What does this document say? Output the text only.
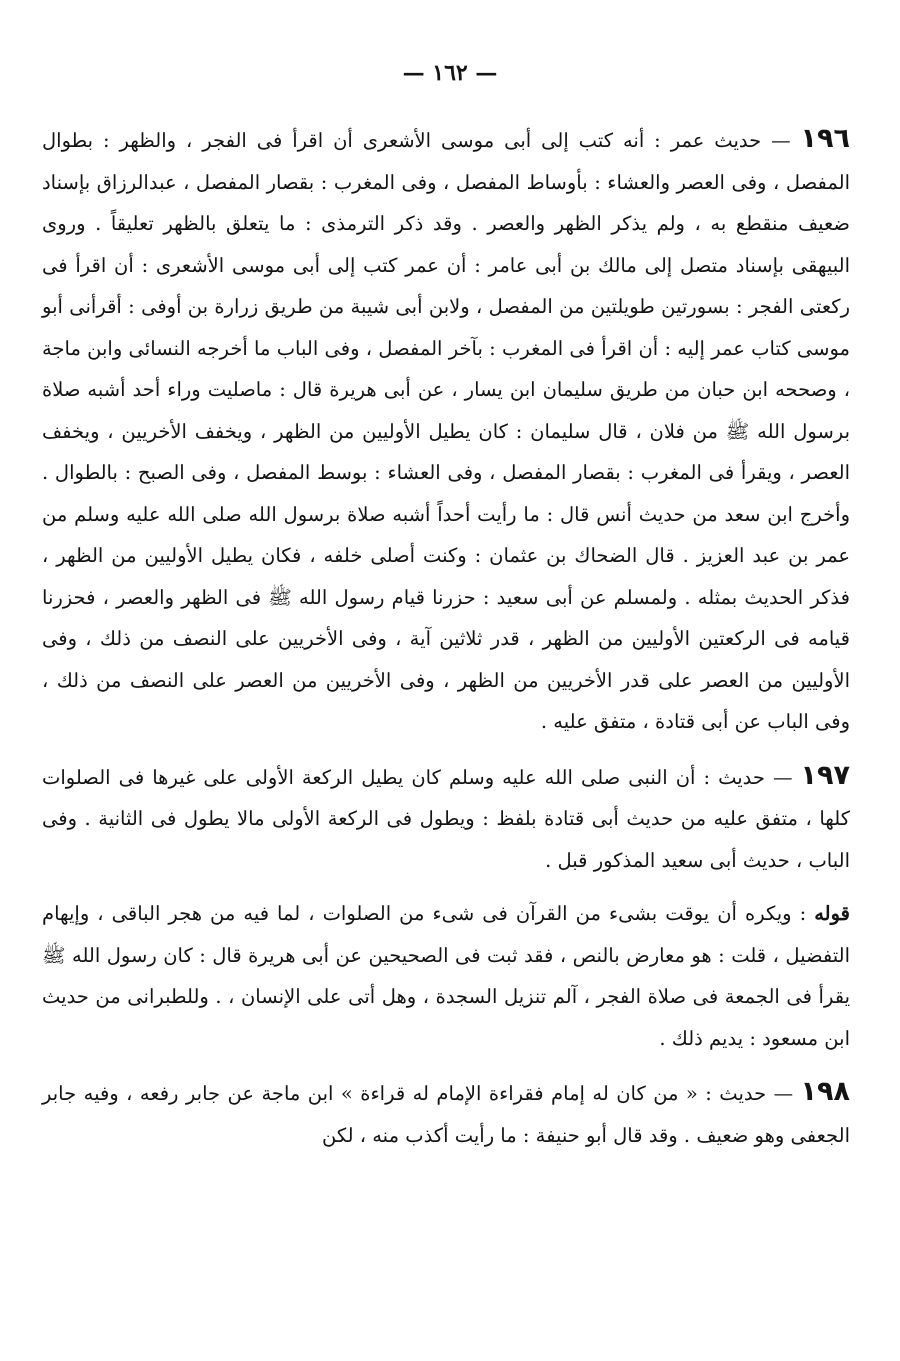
— ١٦٢ —

١٩٦ — حديث عمر : أنه كتب إلى أبى موسى الأشعرى أن اقرأ فى الفجر ، والظهر : بطوال المفصل ، وفى العصر والعشاء : بأوساط المفصل ، وفى المغرب : بقصار المفصل ، عبدالرزاق بإسناد ضعيف منقطع به ، ولم يذكر الظهر والعصر . وقد ذكر الترمذى : ما يتعلق بالظهر تعليقاً . وروى البيهقى بإسناد متصل إلى مالك بن أبى عامر : أن عمر كتب إلى أبى موسى الأشعرى : أن اقرأ فى ركعتى الفجر : بسورتين طويلتين من المفصل ، ولابن أبى شيبة من طريق زرارة بن أوفى : أقرأنى أبو موسى كتاب عمر إليه : أن اقرأ فى المغرب : بآخر المفصل ، وفى الباب ما أخرجه النسائى وابن ماجة ، وصححه ابن حبان من طريق سليمان ابن يسار ، عن أبى هريرة قال : ماصليت وراء أحد أشبه صلاة برسول الله ﷺ من فلان ، قال سليمان : كان يطيل الأوليين من الظهر ، ويخفف الأخريين ، ويخفف العصر ، ويقرأ فى المغرب : بقصار المفصل ، وفى العشاء : بوسط المفصل ، وفى الصبح : بالطوال . وأخرج ابن سعد من حديث أنس قال : ما رأيت أحداً أشبه صلاة برسول الله صلى الله عليه وسلم من عمر بن عبد العزيز . قال الضحاك بن عثمان : وكنت أصلى خلفه ، فكان يطيل الأوليين من الظهر ، فذكر الحديث بمثله . ولمسلم عن أبى سعيد : حزرنا قيام رسول الله ﷺ فى الظهر والعصر ، فحزرنا قيامه فى الركعتين الأوليين من الظهر ، قدر ثلاثين آية ، وفى الأخريين على النصف من ذلك ، وفى الأوليين من العصر على قدر الأخريين من الظهر ، وفى الأخريين من العصر على النصف من ذلك ، وفى الباب عن أبى قتادة ، متفق عليه .

١٩٧ — حديث : أن النبى صلى الله عليه وسلم كان يطيل الركعة الأولى على غيرها فى الصلوات كلها ، متفق عليه من حديث أبى قتادة بلفظ : ويطول فى الركعة الأولى مالا يطول فى الثانية . وفى الباب ، حديث أبى سعيد المذكور قبل .

قوله : ويكره أن يوقت بشىء من القرآن فى شىء من الصلوات ، لما فيه من هجر الباقى ، وإيهام التفضيل ، قلت : هو معارض بالنص ، فقد ثبت فى الصحيحين عن أبى هريرة قال : كان رسول الله ﷺ يقرأ فى الجمعة فى صلاة الفجر ، آلم تنزيل السجدة ، وهل أتى على الإنسان ، . وللطبرانى من حديث ابن مسعود : يديم ذلك .

١٩٨ — حديث : « من كان له إمام فقراءة الإمام له قراءة » ابن ماجة عن جابر رفعه ، وفيه جابر الجعفى وهو ضعيف . وقد قال أبو حنيفة : ما رأيت أكذب منه ، لكن
